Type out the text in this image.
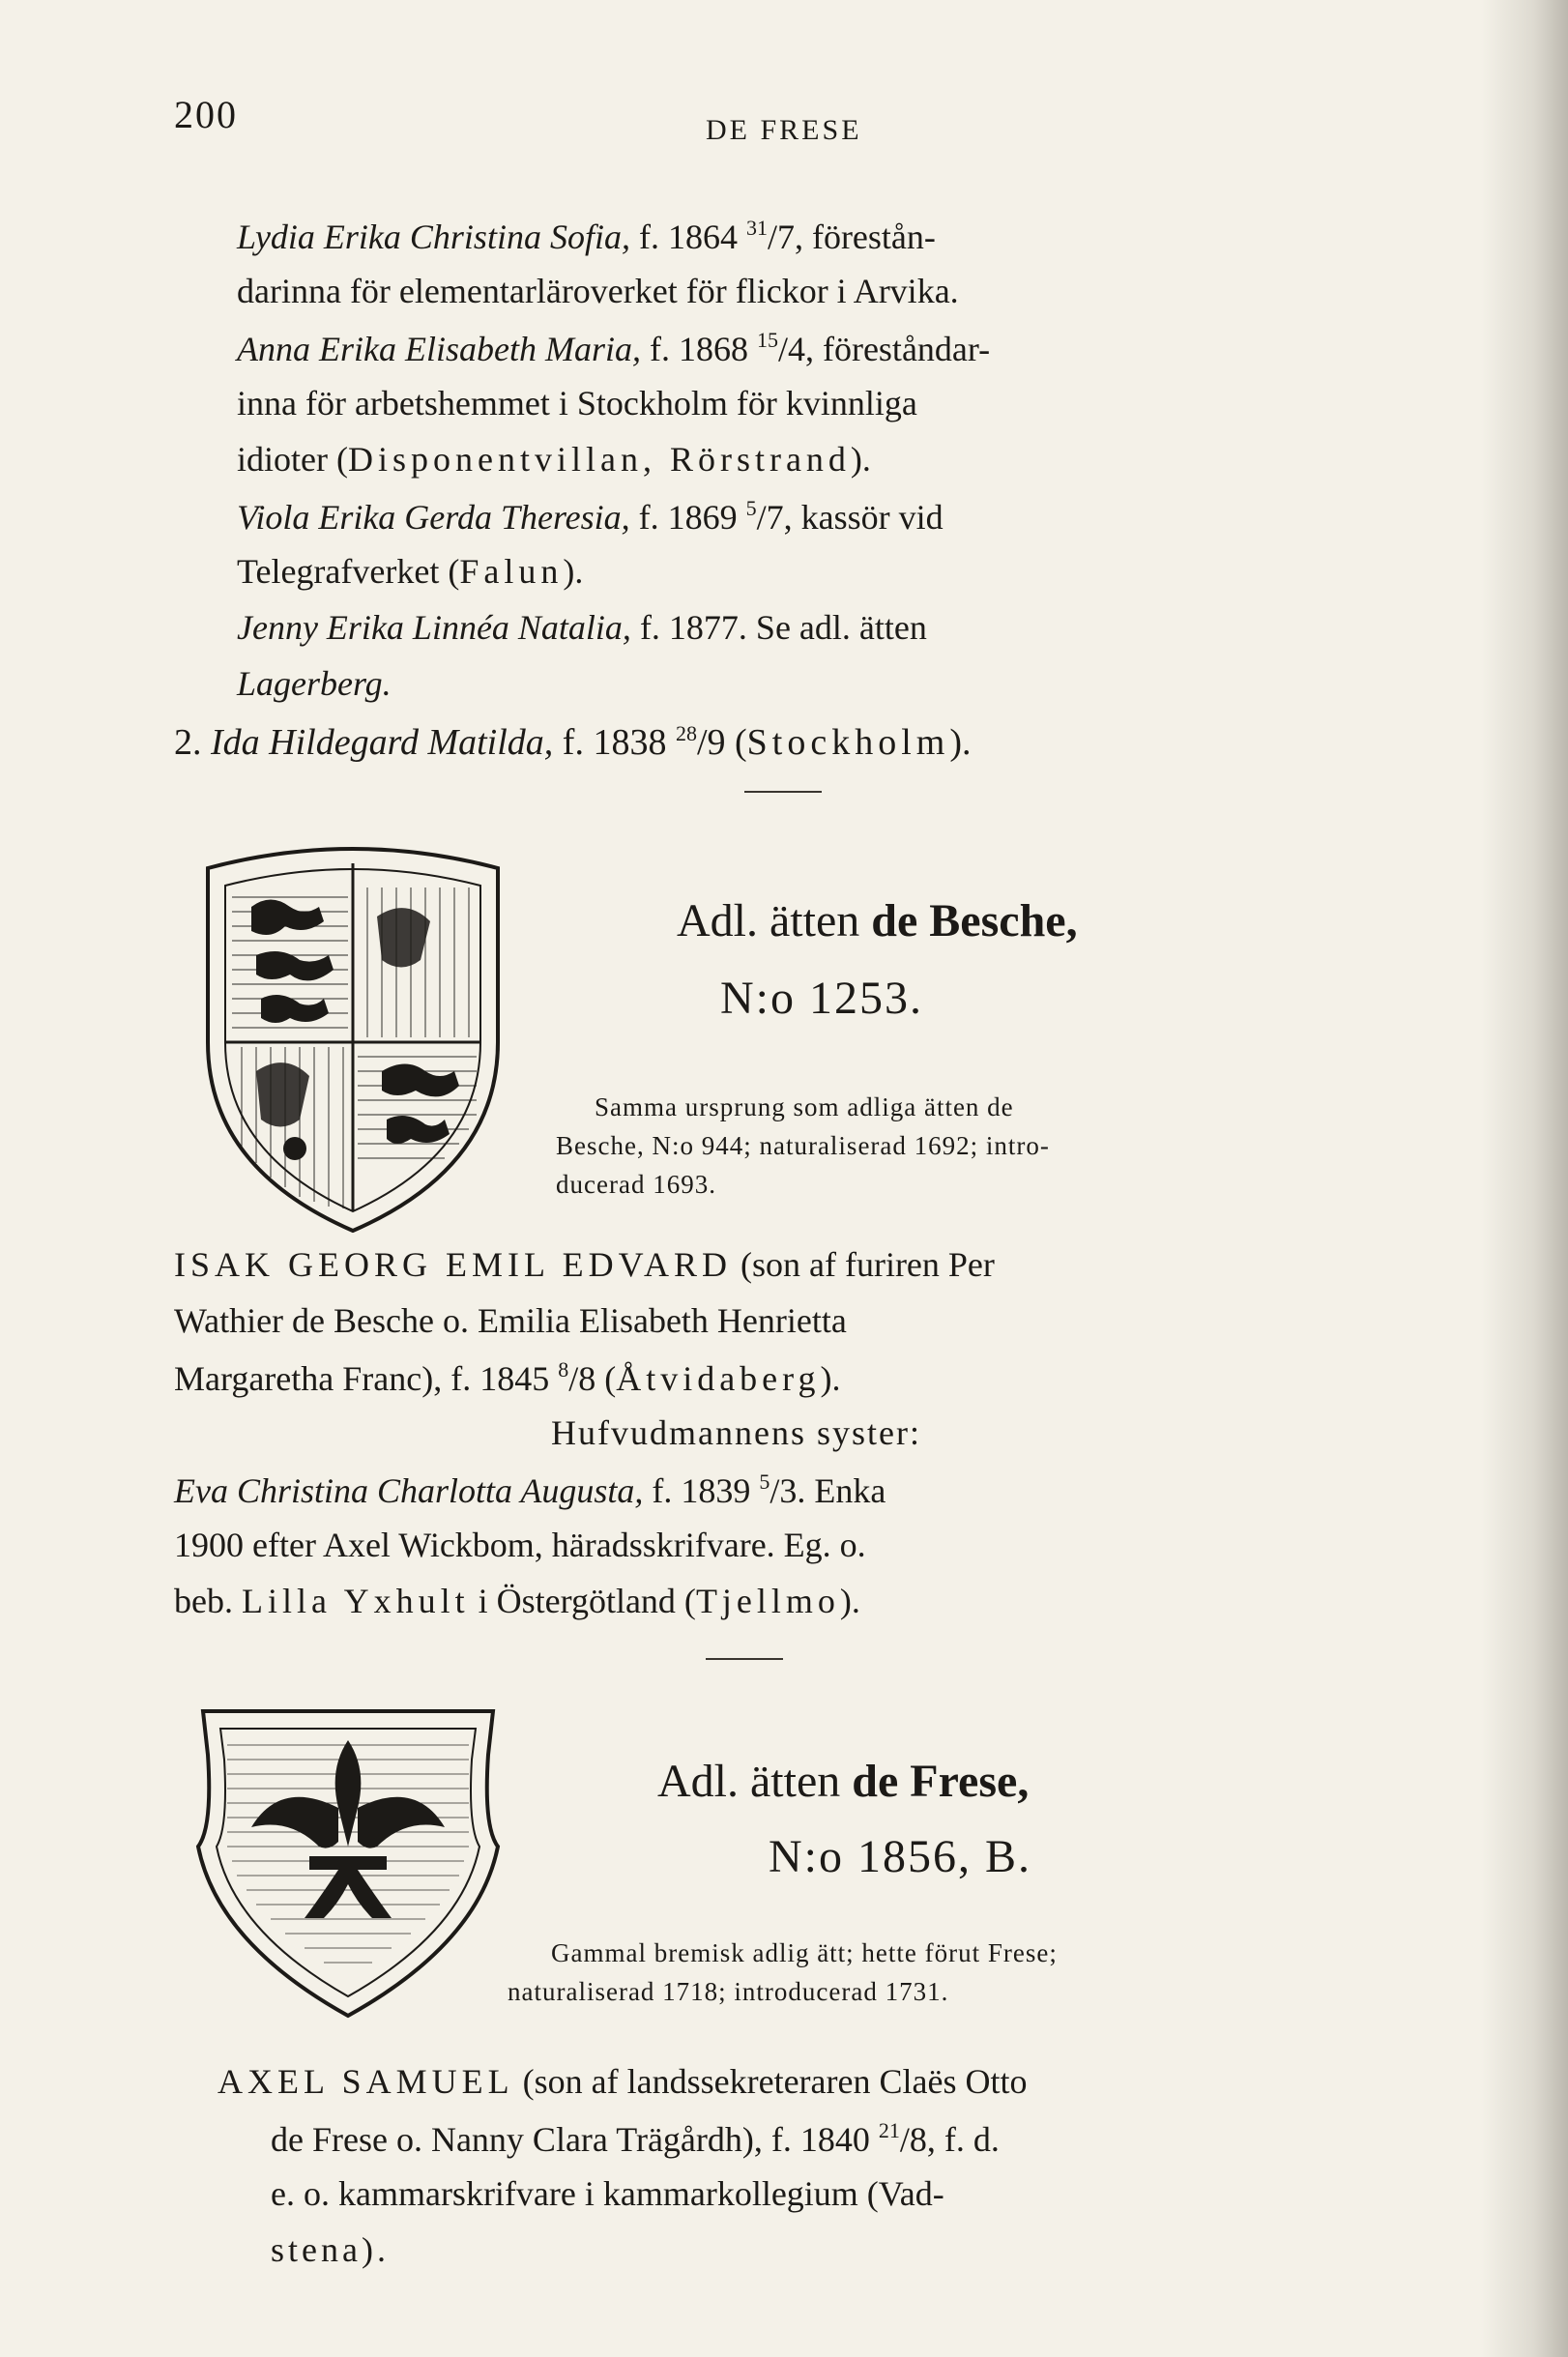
200	DE FRESE
Lydia Erika Christina Sofia, f. 1864 $^{31}$/7, förestån-
darinna för elementarläroverket för flickor i Arvika.
Anna Erika Elisabeth Maria, f. 1868 $^{15}$/4, föreståndar-
inna för arbetshemmet i Stockholm för kvinnliga
idioter (Disponentvillan, Rörstrand).
Viola Erika Gerda Theresia, f. 1869 $^5$/7, kassör vid
Telegrafverket (Falun).
Jenny Erika Linnéa Natalia, f. 1877. Se adl. ätten
Lagerberg.
2. Ida Hildegard Matilda, f. 1838 $^{28}$/9 (Stockholm).
Adl. ätten de Besche,
N:o 1253.
Samma ursprung som adliga ätten de
Besche, N:o 944; naturaliserad 1692; intro-
ducerad 1693.
ISAK GEORG EMIL EDVARD (son af furiren Per
Wathier de Besche o. Emilia Elisabeth Henrietta
Margaretha Franc), f. 1845 $^8$/8 (Åtvidaberg).
Hufvudmannens syster:
Eva Christina Charlotta Augusta, f. 1839 $^5$/3. Enka
1900 efter Axel Wickbom, häradsskrifvare. Eg. o.
beb. Lilla Yxhult i Östergötland (Tjellmo).
Adl. ätten de Frese,
N:o 1856, B.
Gammal bremisk adlig ätt; hette förut Frese;
naturaliserad 1718; introducerad 1731.
AXEL SAMUEL (son af landssekreteraren Claës Otto
de Frese o. Nanny Clara Trägårdh), f. 1840 $^{21}$/8, f. d.
e. o. kammarskrifvare i kammarkollegium (Vad-
stena).
